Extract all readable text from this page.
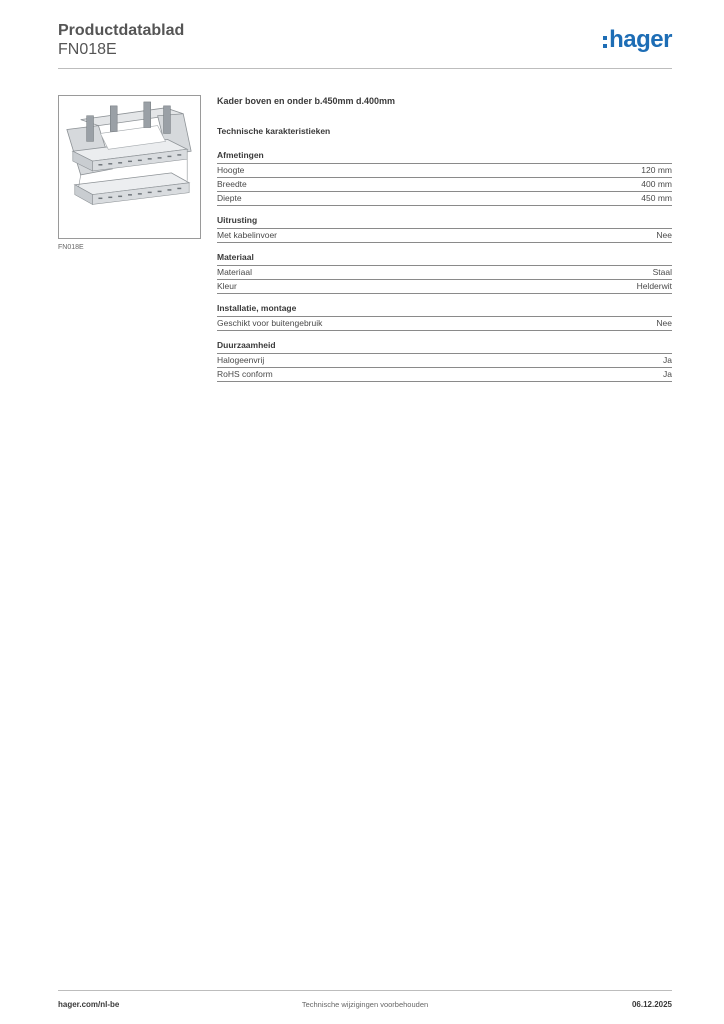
Productdatablad
FN018E	hager
FN018E
Kader boven en onder b.450mm d.400mm
Technische karakteristieken
Afmetingen
Hoogte	120 mm
Breedte	400 mm
Diepte	450 mm
Uitrusting
Met kabelinvoer	Nee
Materiaal
Materiaal	Staal
Kleur	Helderwit
Installatie, montage
Geschikt voor buitengebruik	Nee
Duurzaamheid
Halogeenvrij	Ja
RoHS conform	Ja
hager.com/nl-be	Technische wijzigingen voorbehouden	06.12.2025
